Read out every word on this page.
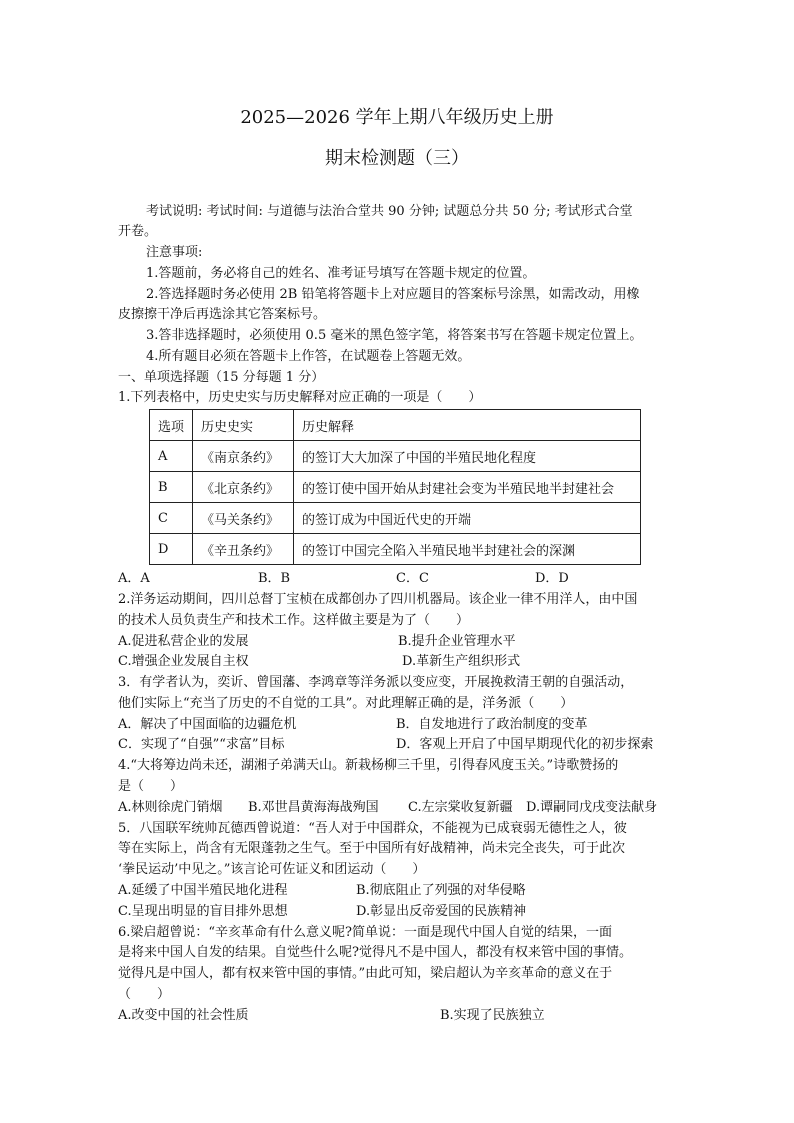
2025—2026 学年上期八年级历史上册
期末检测题（三）
考试说明: 考试时间: 与道德与法治合堂共 90 分钟; 试题总分共 50 分; 考试形式合堂
开卷。
注意事项:
1.答题前，务必将自己的姓名、准考证号填写在答题卡规定的位置。
2.答选择题时务必使用 2B 铅笔将答题卡上对应题目的答案标号涂黑，如需改动，用橡
皮擦擦干净后再选涂其它答案标号。
3.答非选择题时，必须使用 0.5 毫米的黑色签字笔，将答案书写在答题卡规定位置上。
4.所有题目必须在答题卡上作答，在试题卷上答题无效。
一、单项选择题（15 分每题 1 分）
1.下列表格中，历史史实与历史解释对应正确的一项是（　　）
选项	历史史实	历史解释
A	《南京条约》	的签订大大加深了中国的半殖民地化程度
B	《北京条约》	的签订使中国开始从封建社会变为半殖民地半封建社会
C	《马关条约》	的签订成为中国近代史的开端
D	《辛丑条约》	的签订中国完全陷入半殖民地半封建社会的深渊
A．A	B．B	C．C	D．D
2.洋务运动期间，四川总督丁宝桢在成都创办了四川机器局。该企业一律不用洋人，由中国
的技术人员负责生产和技术工作。这样做主要是为了（　　）
A.促进私营企业的发展	B.提升企业管理水平
C.增强企业发展自主权	D.革新生产组织形式
3．有学者认为，奕䜣、曾国藩、李鸿章等洋务派以变应变，开展挽救清王朝的自强活动，
他们实际上“充当了历史的不自觉的工具”。对此理解正确的是，洋务派（　　）
A．解决了中国面临的边疆危机	B．自发地进行了政治制度的变革
C．实现了“自强”“求富”目标	D．客观上开启了中国早期现代化的初步探索
4.“大将筹边尚未还，湖湘子弟满天山。新栽杨柳三千里，引得春风度玉关。”诗歌赞扬的
是（　　）
A.林则徐虎门销烟 B.邓世昌黄海海战殉国 C.左宗棠收复新疆 D.谭嗣同戊戌变法献身
5．八国联军统帅瓦德西曾说道：“吾人对于中国群众，不能视为已成衰弱无德性之人，彼
等在实际上，尚含有无限蓬勃之生气。至于中国所有好战精神，尚未完全丧失，可于此次
‘拳民运动’中见之。”该言论可佐证义和团运动（　　）
A.延缓了中国半殖民地化进程	B.彻底阻止了列强的对华侵略
C.呈现出明显的盲目排外思想	D.彰显出反帝爱国的民族精神
6.梁启超曾说：“辛亥革命有什么意义呢?简单说：一面是现代中国人自觉的结果，一面
是将来中国人自发的结果。自觉些什么呢?觉得凡不是中国人，都没有权来管中国的事情。
觉得凡是中国人，都有权来管中国的事情。”由此可知，梁启超认为辛亥革命的意义在于
（　　）
A.改变中国的社会性质	B.实现了民族独立
